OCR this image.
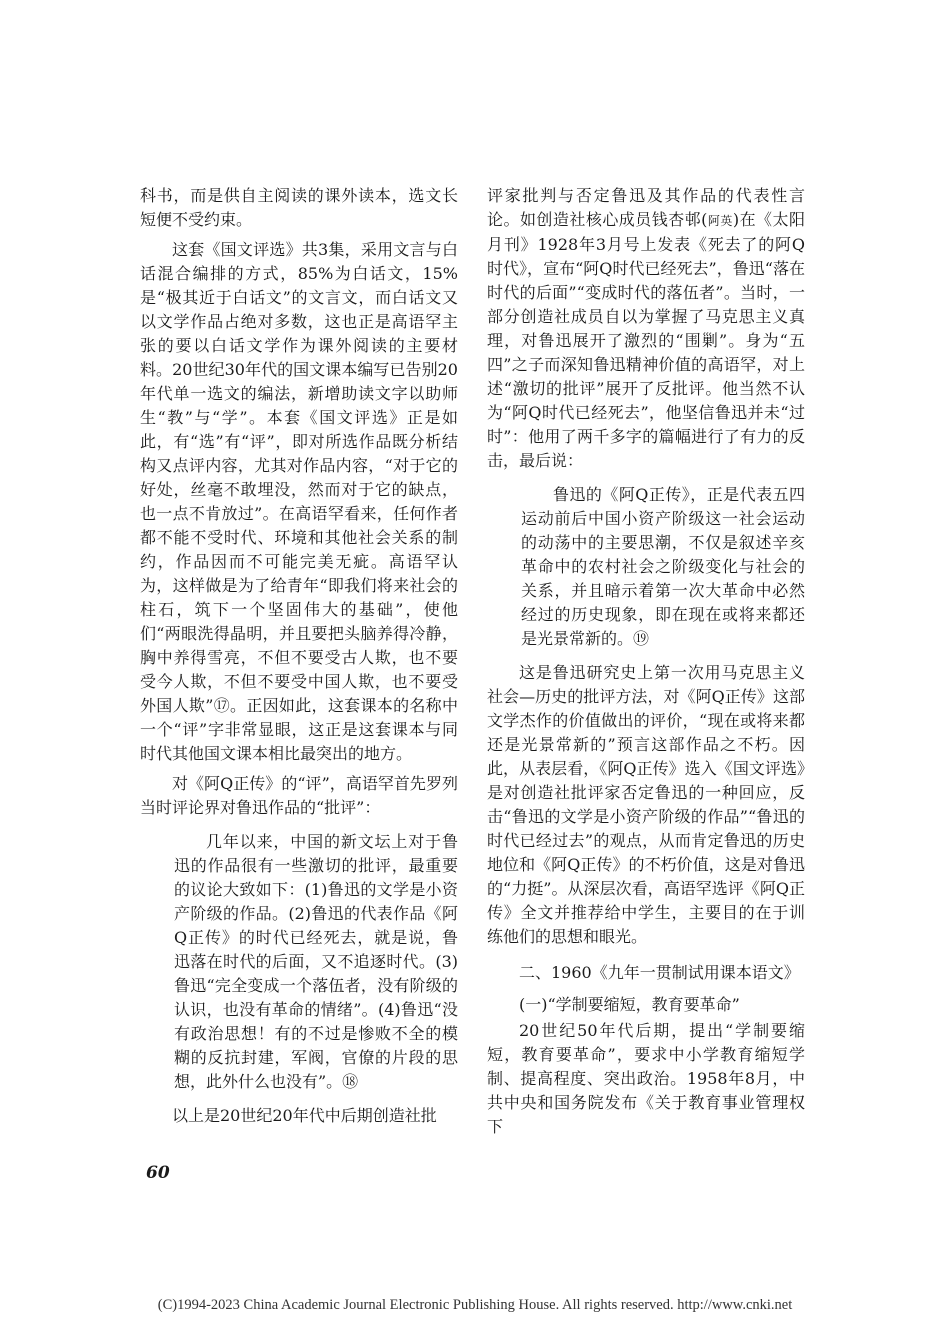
科书，而是供自主阅读的课外读本，选文长短便不受约束。

这套《国文评选》共3集，采用文言与白话混合编排的方式，85%为白话文，15%是“极其近于白话文”的文言文，而白话文又以文学作品占绝对多数，这也正是高语罕主张的要以白话文学作为课外阅读的主要材料。20世纪30年代的国文课本编写已告别20年代单一选文的编法，新增助读文字以助师生“教”与“学”。本套《国文评选》正是如此，有“选”有“评”，即对所选作品既分析结构又点评内容，尤其对作品内容，“对于它的好处，丝毫不敢埋没，然而对于它的缺点，也一点不肯放过”。在高语罕看来，任何作者都不能不受时代、环境和其他社会关系的制约，作品因而不可能完美无疵。高语罕认为，这样做是为了给青年“即我们将来社会的柱石，筑下一个坚固伟大的基础”，使他们“两眼洗得晶明，并且要把头脑养得冷静，胸中养得雪亮，不但不要受古人欺，也不要受今人欺，不但不要受中国人欺，也不要受外国人欺”⑰。正因如此，这套课本的名称中一个“评”字非常显眼，这正是这套课本与同时代其他国文课本相比最突出的地方。

对《阿Q正传》的“评”，高语罕首先罗列当时评论界对鲁迅作品的“批评”：

几年以来，中国的新文坛上对于鲁迅的作品很有一些激切的批评，最重要的议论大致如下：(1)鲁迅的文学是小资产阶级的作品。(2)鲁迅的代表作品《阿Q正传》的时代已经死去，就是说，鲁迅落在时代的后面，又不追逐时代。(3)鲁迅“完全变成一个落伍者，没有阶级的认识，也没有革命的情绪”。(4)鲁迅“没有政治思想！有的不过是惨败不全的模糊的反抗封建，军阀，官僚的片段的思想，此外什么也没有”。⑱

以上是20世纪20年代中后期创造社批

评家批判与否定鲁迅及其作品的代表性言论。如创造社核心成员钱杏邨(阿英)在《太阳月刊》1928年3月号上发表《死去了的阿Q时代》，宣布“阿Q时代已经死去”，鲁迅“落在时代的后面”“变成时代的落伍者”。当时，一部分创造社成员自以为掌握了马克思主义真理，对鲁迅展开了激烈的“围剿”。身为“五四”之子而深知鲁迅精神价值的高语罕，对上述“激切的批评”展开了反批评。他当然不认为“阿Q时代已经死去”，他坚信鲁迅并未“过时”：他用了两千多字的篇幅进行了有力的反击，最后说：

鲁迅的《阿Q正传》，正是代表五四运动前后中国小资产阶级这一社会运动的动荡中的主要思潮，不仅是叙述辛亥革命中的农村社会之阶级变化与社会的关系，并且暗示着第一次大革命中必然经过的历史现象，即在现在或将来都还是光景常新的。⑲

这是鲁迅研究史上第一次用马克思主义社会—历史的批评方法，对《阿Q正传》这部文学杰作的价值做出的评价，“现在或将来都还是光景常新的”预言这部作品之不朽。因此，从表层看，《阿Q正传》选入《国文评选》是对创造社批评家否定鲁迅的一种回应，反击“鲁迅的文学是小资产阶级的作品”“鲁迅的时代已经过去”的观点，从而肯定鲁迅的历史地位和《阿Q正传》的不朽价值，这是对鲁迅的“力挺”。从深层次看，高语罕选评《阿Q正传》全文并推荐给中学生，主要目的在于训练他们的思想和眼光。

二、1960《九年一贯制试用课本语文》

(一)“学制要缩短，教育要革命”

20世纪50年代后期，提出“学制要缩短，教育要革命”，要求中小学教育缩短学制、提高程度、突出政治。1958年8月，中共中央和国务院发布《关于教育事业管理权下

60
(C)1994-2023 China Academic Journal Electronic Publishing House. All rights reserved. http://www.cnki.net
